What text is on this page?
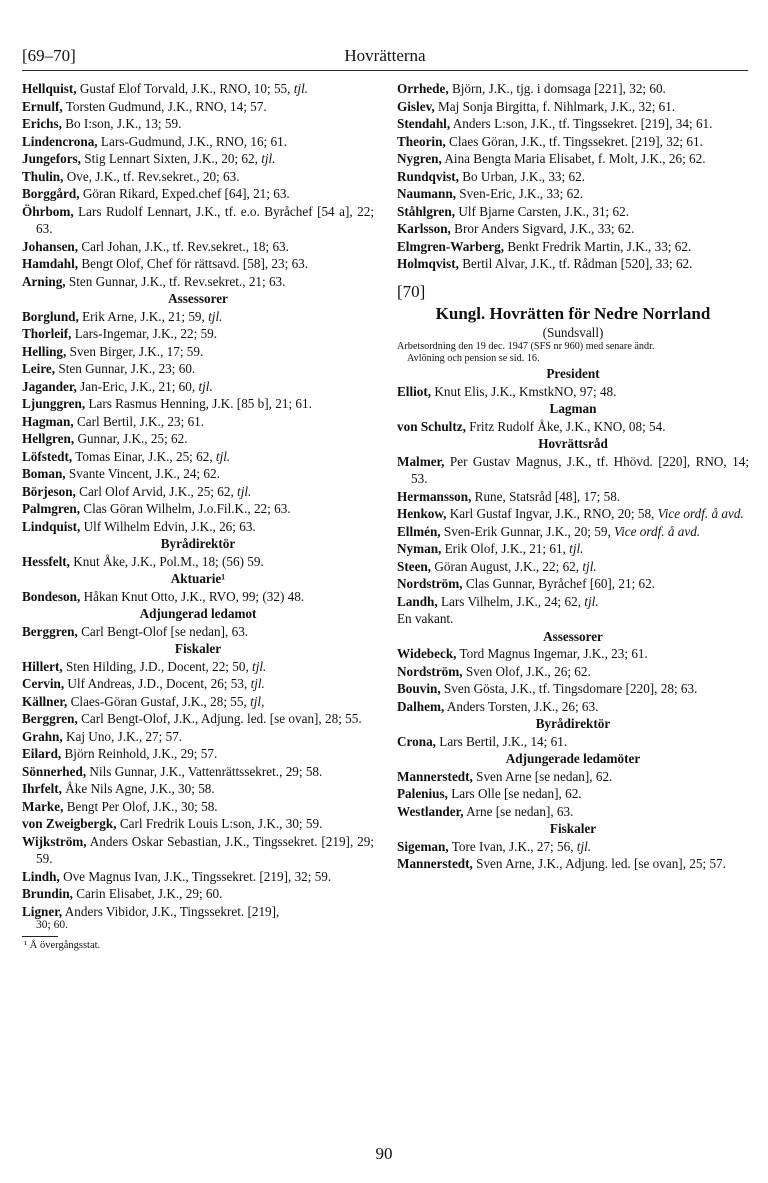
[69–70]	Hovrätterna
Hellquist, Gustaf Elof Torvald, J.K., RNO, 10; 55, tjl.
Ernulf, Torsten Gudmund, J.K., RNO, 14; 57.
Erichs, Bo I:son, J.K., 13; 59.
Lindencrona, Lars-Gudmund, J.K., RNO, 16; 61.
Jungefors, Stig Lennart Sixten, J.K., 20; 62, tjl.
Thulin, Ove, J.K., tf. Rev.sekret., 20; 63.
Borggård, Göran Rikard, Exped.chef [64], 21; 63.
Öhrbom, Lars Rudolf Lennart, J.K., tf. e.o. Byråchef [54 a], 22; 63.
Johansen, Carl Johan, J.K., tf. Rev.sekret., 18; 63.
Hamdahl, Bengt Olof, Chef för rättsavd. [58], 23; 63.
Arning, Sten Gunnar, J.K., tf. Rev.sekret., 21; 63.
Assessorer
Borglund, Erik Arne, J.K., 21; 59, tjl.
Thorleif, Lars-Ingemar, J.K., 22; 59.
Helling, Sven Birger, J.K., 17; 59.
Leire, Sten Gunnar, J.K., 23; 60.
Jagander, Jan-Eric, J.K., 21; 60, tjl.
Ljunggren, Lars Rasmus Henning, J.K. [85 b], 21; 61.
Hagman, Carl Bertil, J.K., 23; 61.
Hellgren, Gunnar, J.K., 25; 62.
Löfstedt, Tomas Einar, J.K., 25; 62, tjl.
Boman, Svante Vincent, J.K., 24; 62.
Börjeson, Carl Olof Arvid, J.K., 25; 62, tjl.
Palmgren, Clas Göran Wilhelm, J.o.Fil.K., 22; 63.
Lindquist, Ulf Wilhelm Edvin, J.K., 26; 63.
Byrådirektör
Hessfelt, Knut Åke, J.K., Pol.M., 18; (56) 59.
Aktuarie¹
Bondeson, Håkan Knut Otto, J.K., RVO, 99; (32) 48.
Adjungerad ledamot
Berggren, Carl Bengt-Olof [se nedan], 63.
Fiskaler
Hillert, Sten Hilding, J.D., Docent, 22; 50, tjl.
Cervin, Ulf Andreas, J.D., Docent, 26; 53, tjl.
Källner, Claes-Göran Gustaf, J.K., 28; 55, tjl,
Berggren, Carl Bengt-Olof, J.K., Adjung. led. [se ovan], 28; 55.
Grahn, Kaj Uno, J.K., 27; 57.
Eilard, Björn Reinhold, J.K., 29; 57.
Sönnerhed, Nils Gunnar, J.K., Vattenrättssekret., 29; 58.
Ihrfelt, Åke Nils Agne, J.K., 30; 58.
Marke, Bengt Per Olof, J.K., 30; 58.
von Zweigbergk, Carl Fredrik Louis L:son, J.K., 30; 59.
Wijkström, Anders Oskar Sebastian, J.K., Tingssekret. [219], 29; 59.
Lindh, Ove Magnus Ivan, J.K., Tingssekret. [219], 32; 59.
Brundin, Carin Elisabet, J.K., 29; 60.
Ligner, Anders Vibidor, J.K., Tingssekret. [219],
30; 60.
¹ Å övergångsstat.
Orrhede, Björn, J.K., tjg. i domsaga [221], 32; 60.
Gislev, Maj Sonja Birgitta, f. Nihlmark, J.K., 32; 61.
Stendahl, Anders L:son, J.K., tf. Tingssekret. [219], 34; 61.
Theorin, Claes Göran, J.K., tf. Tingssekret. [219], 32; 61.
Nygren, Aina Bengta Maria Elisabet, f. Molt, J.K., 26; 62.
Rundqvist, Bo Urban, J.K., 33; 62.
Naumann, Sven-Eric, J.K., 33; 62.
Ståhlgren, Ulf Bjarne Carsten, J.K., 31; 62.
Karlsson, Bror Anders Sigvard, J.K., 33; 62.
Elmgren-Warberg, Benkt Fredrik Martin, J.K., 33; 62.
Holmqvist, Bertil Alvar, J.K., tf. Rådman [520], 33; 62.
[70]
Kungl. Hovrätten för Nedre Norrland
(Sundsvall)
Arbetsordning den 19 dec. 1947 (SFS nr 960) med senare ändr.
Avlöning och pension se sid. 16.
President
Elliot, Knut Elis, J.K., KmstkNO, 97; 48.
Lagman
von Schultz, Fritz Rudolf Åke, J.K., KNO, 08; 54.
Hovrättsråd
Malmer, Per Gustav Magnus, J.K., tf. Hhövd. [220], RNO, 14; 53.
Hermansson, Rune, Statsråd [48], 17; 58.
Henkow, Karl Gustaf Ingvar, J.K., RNO, 20; 58, Vice ordf. å avd.
Ellmén, Sven-Erik Gunnar, J.K., 20; 59, Vice ordf. å avd.
Nyman, Erik Olof, J.K., 21; 61, tjl.
Steen, Göran August, J.K., 22; 62, tjl.
Nordström, Clas Gunnar, Byråchef [60], 21; 62.
Landh, Lars Vilhelm, J.K., 24; 62, tjl.
En vakant.
Assessorer
Widebeck, Tord Magnus Ingemar, J.K., 23; 61.
Nordström, Sven Olof, J.K., 26; 62.
Bouvin, Sven Gösta, J.K., tf. Tingsdomare [220], 28; 63.
Dalhem, Anders Torsten, J.K., 26; 63.
Byrådirektör
Crona, Lars Bertil, J.K., 14; 61.
Adjungerade ledamöter
Mannerstedt, Sven Arne [se nedan], 62.
Palenius, Lars Olle [se nedan], 62.
Westlander, Arne [se nedan], 63.
Fiskaler
Sigeman, Tore Ivan, J.K., 27; 56, tjl.
Mannerstedt, Sven Arne, J.K., Adjung. led. [se ovan], 25; 57.
90
